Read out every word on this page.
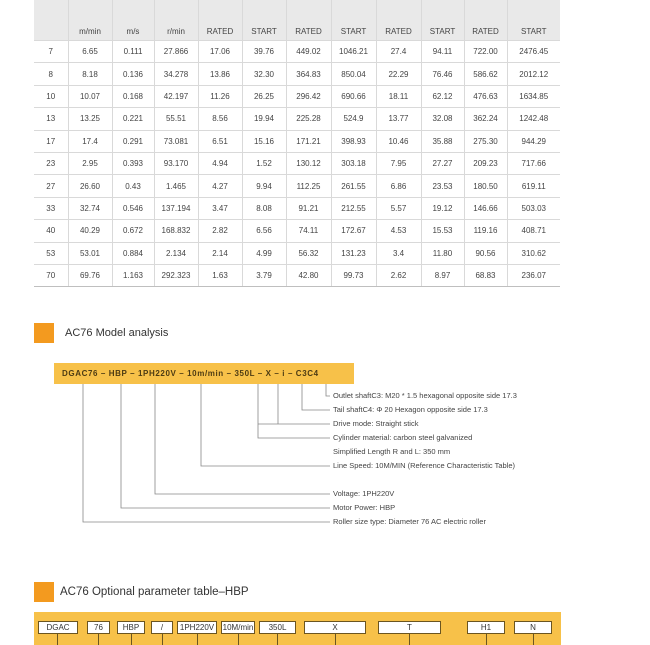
	m/min	m/s	r/min	RATED	START	RATED	START	RATED	START	RATED	START
7	6.65	0.111	27.866	17.06	39.76	449.02	1046.21	27.4	94.11	722.00	2476.45
8	8.18	0.136	34.278	13.86	32.30	364.83	850.04	22.29	76.46	586.62	2012.12
10	10.07	0.168	42.197	11.26	26.25	296.42	690.66	18.11	62.12	476.63	1634.85
13	13.25	0.221	55.51	8.56	19.94	225.28	524.9	13.77	32.08	362.24	1242.48
17	17.4	0.291	73.081	6.51	15.16	171.21	398.93	10.46	35.88	275.30	944.29
23	2.95	0.393	93.170	4.94	1.52	130.12	303.18	7.95	27.27	209.23	717.66
27	26.60	0.43	1.465	4.27	9.94	112.25	261.55	6.86	23.53	180.50	619.11
33	32.74	0.546	137.194	3.47	8.08	91.21	212.55	5.57	19.12	146.66	503.03
40	40.29	0.672	168.832	2.82	6.56	74.11	172.67	4.53	15.53	119.16	408.71
53	53.01	0.884	2.134	2.14	4.99	56.32	131.23	3.4	11.80	90.56	310.62
70	69.76	1.163	292.323	1.63	3.79	42.80	99.73	2.62	8.97	68.83	236.07
AC76 Model analysis
DGAC76 – HBP – 1PH220V – 10m/min – 350L – X – i – C3C4
Outlet shaftC3: M20 * 1.5 hexagonal opposite side 17.3
Tail shaftC4: Φ 20 Hexagon opposite side 17.3
Drive mode: Straight stick
Cylinder material: carbon steel galvanized
Simplified Length R and L: 350 mm
Line Speed: 10M/MIN (Reference Characteristic Table)
Voltage: 1PH220V
Motor Power: HBP
Roller size type: Diameter 76 AC electric roller
AC76 Optional parameter table–HBP
DGAC	76	HBP	/	1PH220V	10M/min	350L	X	T	H1	N
